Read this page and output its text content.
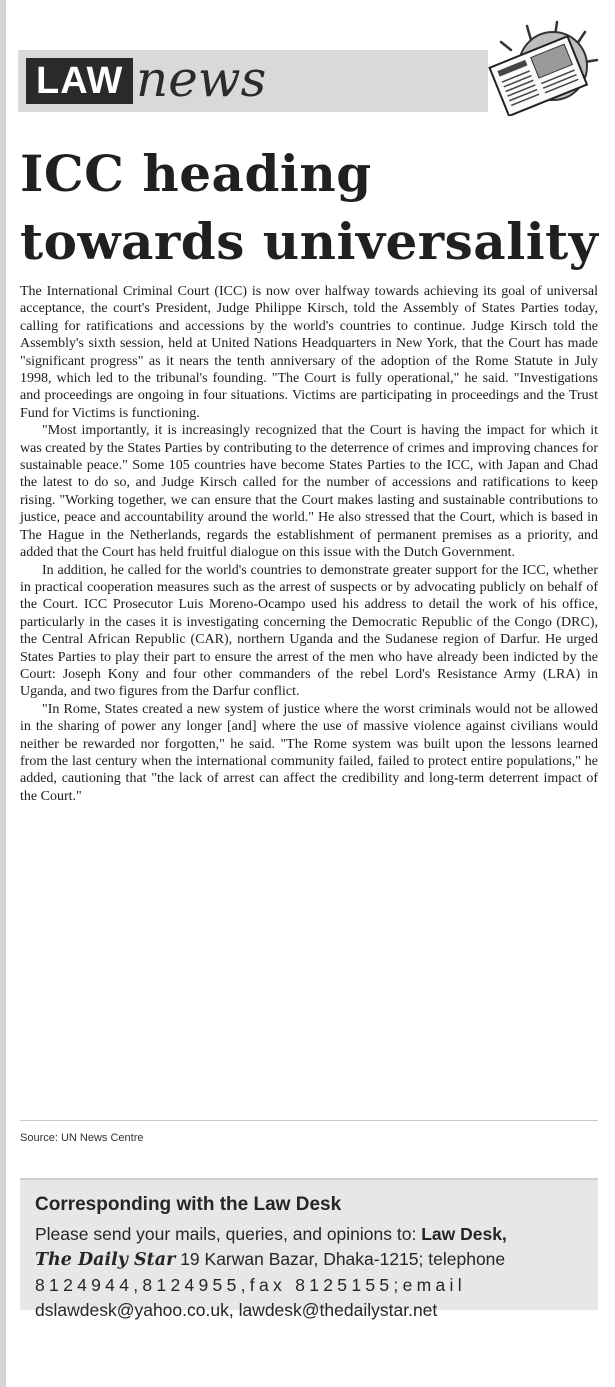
LAW news
ICC heading towards universality

The International Criminal Court (ICC) is now over halfway towards achieving its goal of universal acceptance, the court's President, Judge Philippe Kirsch, told the Assembly of States Parties today, calling for ratifications and accessions by the world's countries to continue. Judge Kirsch told the Assembly's sixth session, held at United Nations Headquarters in New York, that the Court has made "significant progress" as it nears the tenth anniversary of the adoption of the Rome Statute in July 1998, which led to the tribunal's founding. "The Court is fully operational," he said. "Investigations and proceedings are ongoing in four situations. Victims are participating in proceedings and the Trust Fund for Victims is functioning.

"Most importantly, it is increasingly recognized that the Court is having the impact for which it was created by the States Parties by contributing to the deterrence of crimes and improving chances for sustainable peace." Some 105 countries have become States Parties to the ICC, with Japan and Chad the latest to do so, and Judge Kirsch called for the number of accessions and ratifications to keep rising. "Working together, we can ensure that the Court makes lasting and sustainable contributions to justice, peace and accountability around the world." He also stressed that the Court, which is based in The Hague in the Netherlands, regards the establishment of permanent premises as a priority, and added that the Court has held fruitful dialogue on this issue with the Dutch Government.

In addition, he called for the world's countries to demonstrate greater support for the ICC, whether in practical cooperation measures such as the arrest of suspects or by advocating publicly on behalf of the Court. ICC Prosecutor Luis Moreno-Ocampo used his address to detail the work of his office, particularly in the cases it is investigating concerning the Democratic Republic of the Congo (DRC), the Central African Republic (CAR), northern Uganda and the Sudanese region of Darfur. He urged States Parties to play their part to ensure the arrest of the men who have already been indicted by the Court: Joseph Kony and four other commanders of the rebel Lord's Resistance Army (LRA) in Uganda, and two figures from the Darfur conflict.

"In Rome, States created a new system of justice where the worst criminals would not be allowed in the sharing of power any longer [and] where the use of massive violence against civilians would neither be rewarded nor forgotten," he said. "The Rome system was built upon the lessons learned from the last century when the international community failed, failed to protect entire populations," he added, cautioning that "the lack of arrest can affect the credibility and long-term deterrent impact of the Court."

Source: UN News Centre
Corresponding with the Law Desk
Please send your mails, queries, and opinions to: Law Desk,
The Daily Star 19 Karwan Bazar, Dhaka-1215; telephone
8124944,8124955,fax 8125155;email
dslawdesk@yahoo.co.uk, lawdesk@thedailystar.net
